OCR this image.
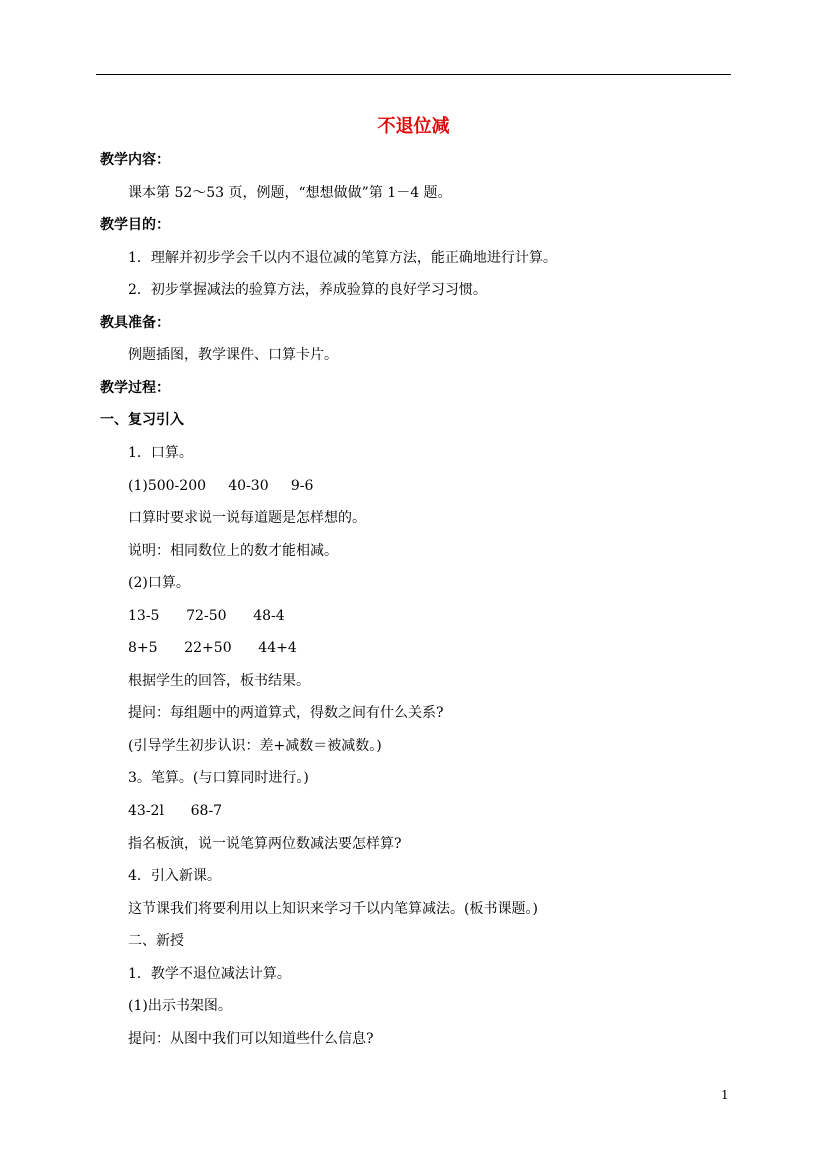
不退位减
教学内容：
课本第 52～53 页，例题，“想想做做”第 1－4 题。
教学目的：
1．理解并初步学会千以内不退位减的笔算方法，能正确地进行计算。
2．初步掌握减法的验算方法，养成验算的良好学习习惯。
教具准备：
例题插图，教学课件、口算卡片。
教学过程：
一、复习引入
1．口算。
(1)500-200     40-30     9-6
口算时要求说一说每道题是怎样想的。
说明：相同数位上的数才能相减。
(2)口算。
13-5      72-50      48-4
8+5      22+50      44+4
根据学生的回答，板书结果。
提问：每组题中的两道算式，得数之间有什么关系?
(引导学生初步认识：差+减数＝被减数。)
3。笔算。(与口算同时进行。)
43-2l      68-7
指名板演，说一说笔算两位数减法要怎样算?
4．引入新课。
这节课我们将要利用以上知识来学习千以内笔算减法。(板书课题。)
二、新授
1．教学不退位减法计算。
(1)出示书架图。
提问：从图中我们可以知道些什么信息?
1
